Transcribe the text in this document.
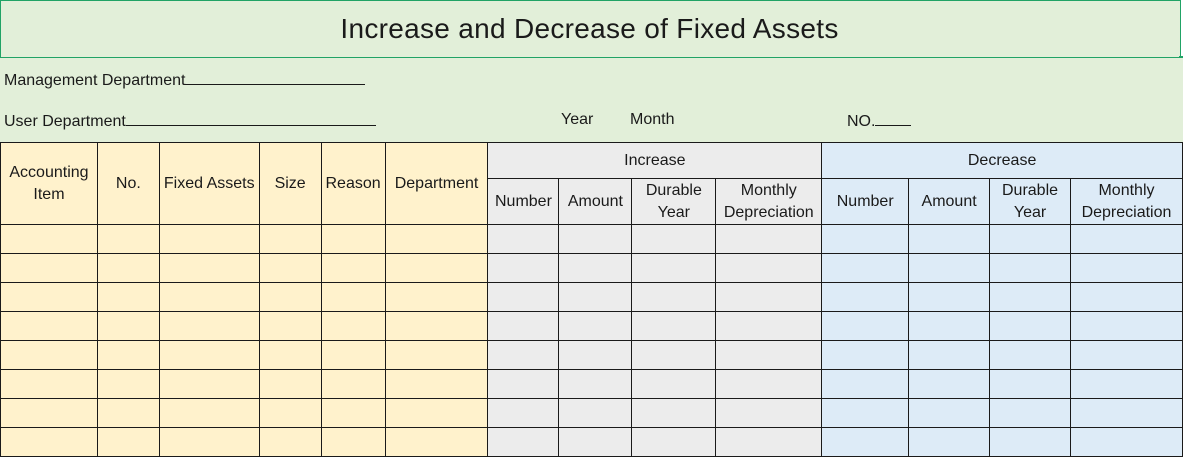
Increase and Decrease of Fixed Assets
Management Department
User Department	Year Month	NO.
Accounting Item	No.	Fixed Assets	Size	Reason	Department	Increase				Decrease			
						Number	Amount	Durable Year	Monthly Depreciation	Number	Amount	Durable Year	Monthly Depreciation
